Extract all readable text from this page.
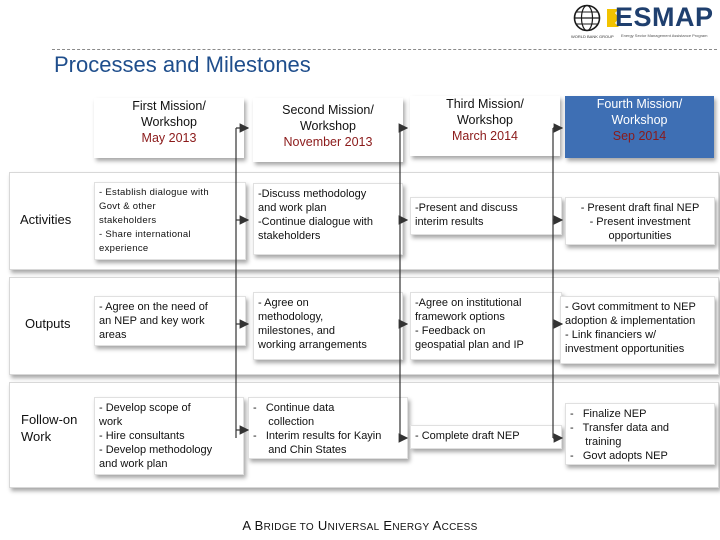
WORLD BANK GROUP
ESMAP
Energy Sector Management Assistance Program
Processes and Milestones
Activities
Outputs
Follow-on
Work
First Mission/
Workshop
May 2013
Second Mission/
Workshop
November 2013
Third Mission/
Workshop
March 2014
Fourth Mission/
Workshop
Sep 2014
- Establish dialogue with
Govt & other
stakeholders
- Share international
experience
-Discuss methodology
and work plan
-Continue dialogue with
stakeholders
-Present and discuss
interim results
- Present draft final NEP
- Present investment
opportunities
- Agree on the need of
an NEP and key work
areas
- Agree on
methodology,
milestones, and
working arrangements
-Agree on institutional
framework options
- Feedback on
geospatial plan and IP
- Govt commitment to NEP
adoption & implementation
- Link financiers w/
investment opportunities
- Develop scope of
work
- Hire consultants
- Develop methodology
and work plan
-   Continue data
collection
-   Interim results for Kayin
and Chin States
- Complete draft NEP
-   Finalize NEP
-   Transfer data and
training
-   Govt adopts NEP
A BRIDGE TO UNIVERSAL ENERGY ACCESS
